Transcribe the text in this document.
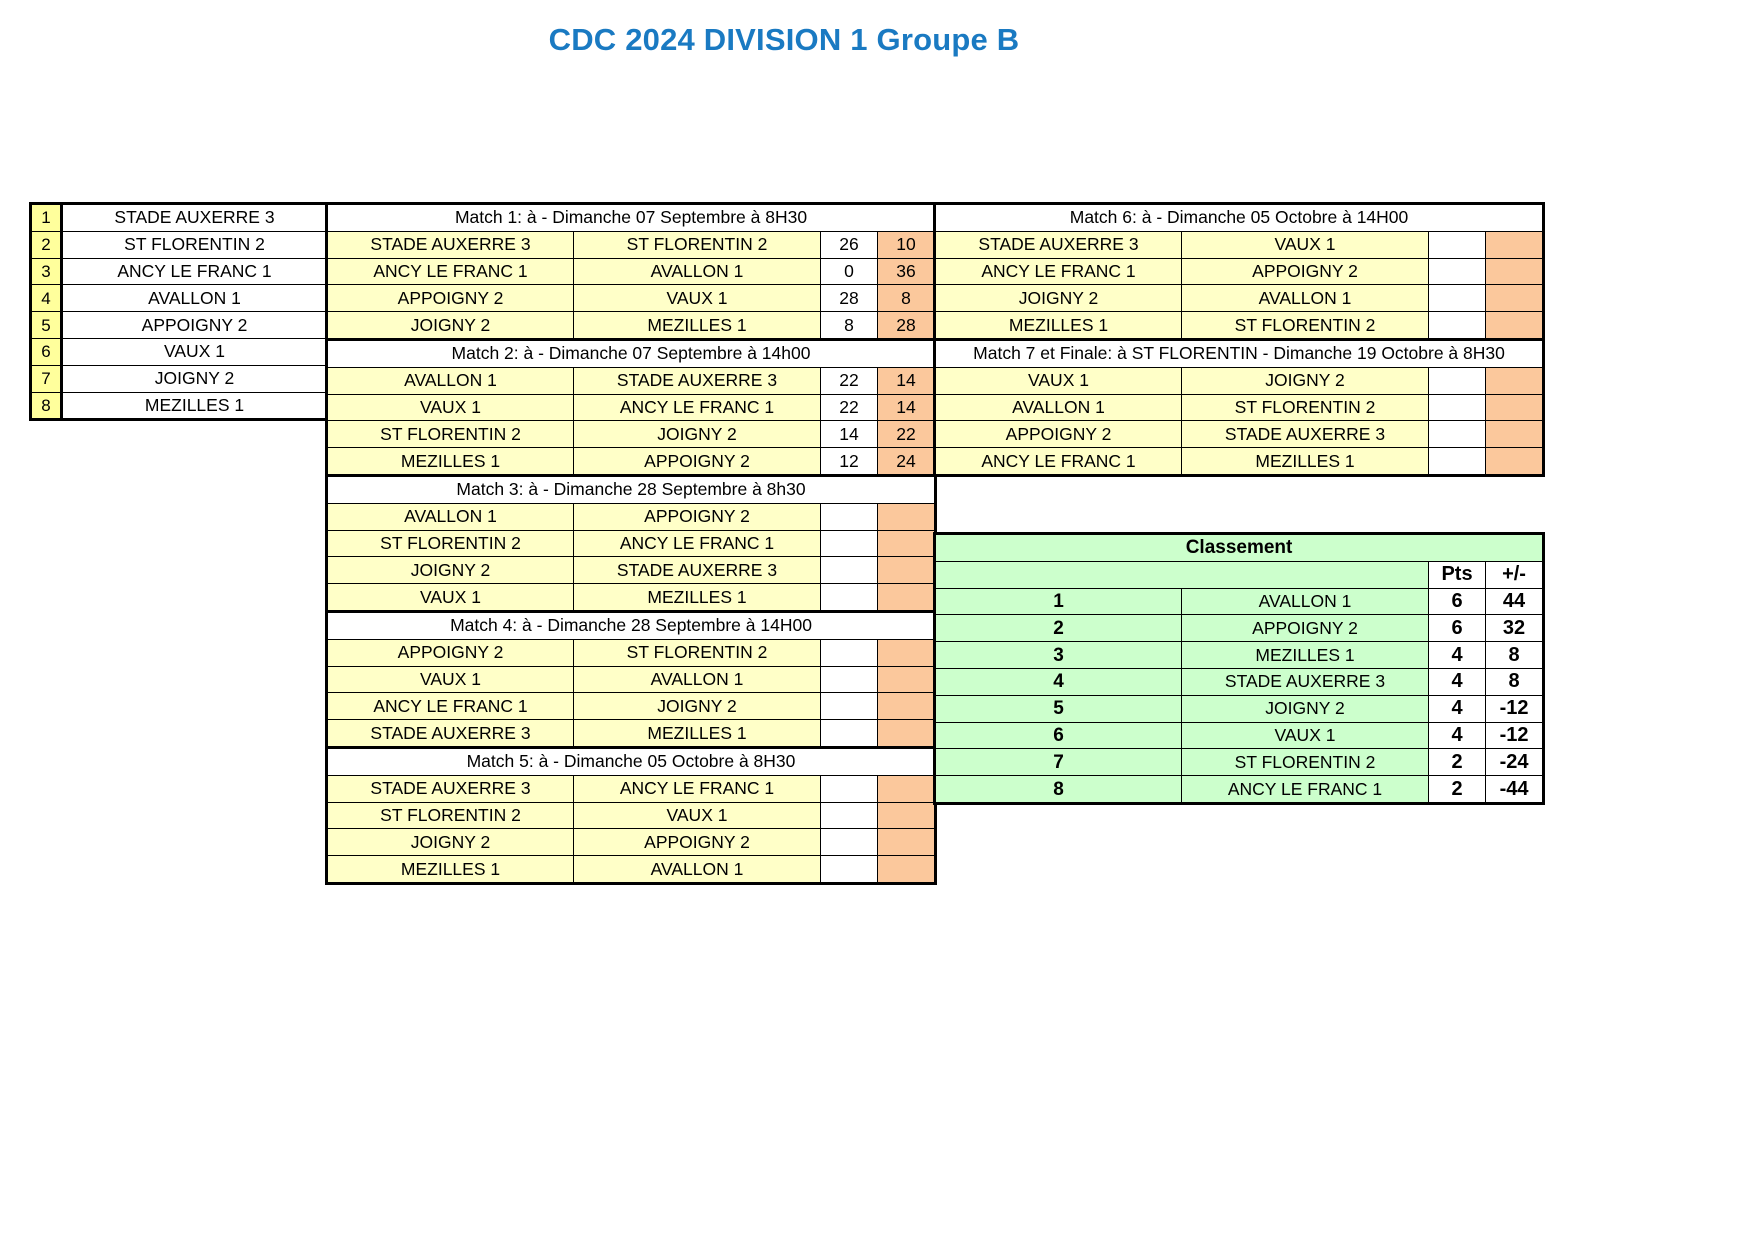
CDC 2024 DIVISION 1 Groupe B
1	STADE AUXERRE 3
2	ST FLORENTIN 2
3	ANCY LE FRANC 1
4	AVALLON 1
5	APPOIGNY 2
6	VAUX 1
7	JOIGNY 2
8	MEZILLES 1
Match 1: à - Dimanche 07 Septembre à 8H30			
STADE AUXERRE 3	ST FLORENTIN 2	26	10
ANCY LE FRANC 1	AVALLON 1	0	36
APPOIGNY 2	VAUX 1	28	8
JOIGNY 2	MEZILLES 1	8	28
Match 2: à - Dimanche 07 Septembre à 14h00			
AVALLON 1	STADE AUXERRE 3	22	14
VAUX 1	ANCY LE FRANC 1	22	14
ST FLORENTIN 2	JOIGNY 2	14	22
MEZILLES 1	APPOIGNY 2	12	24
Match 3: à - Dimanche 28 Septembre à 8h30			
AVALLON 1	APPOIGNY 2		
ST FLORENTIN 2	ANCY LE FRANC 1		
JOIGNY 2	STADE AUXERRE 3		
VAUX 1	MEZILLES 1		
Match 4: à - Dimanche 28 Septembre à 14H00			
APPOIGNY 2	ST FLORENTIN 2		
VAUX 1	AVALLON 1		
ANCY LE FRANC 1	JOIGNY 2		
STADE AUXERRE 3	MEZILLES 1		
Match 5: à - Dimanche 05 Octobre à 8H30			
STADE AUXERRE 3	ANCY LE FRANC 1		
ST FLORENTIN 2	VAUX 1		
JOIGNY 2	APPOIGNY 2		
MEZILLES 1	AVALLON 1		
Match 6: à - Dimanche 05 Octobre à 14H00			
STADE AUXERRE 3	VAUX 1		
ANCY LE FRANC 1	APPOIGNY 2		
JOIGNY 2	AVALLON 1		
MEZILLES 1	ST FLORENTIN 2		
Match 7 et Finale: à ST FLORENTIN - Dimanche 19 Octobre à 8H30			
VAUX 1	JOIGNY 2		
AVALLON 1	ST FLORENTIN 2		
APPOIGNY 2	STADE AUXERRE 3		
ANCY LE FRANC 1	MEZILLES 1		
Classement			
		Pts	+/-
1	AVALLON 1	6	44
2	APPOIGNY 2	6	32
3	MEZILLES 1	4	8
4	STADE AUXERRE 3	4	8
5	JOIGNY 2	4	-12
6	VAUX 1	4	-12
7	ST FLORENTIN 2	2	-24
8	ANCY LE FRANC 1	2	-44
